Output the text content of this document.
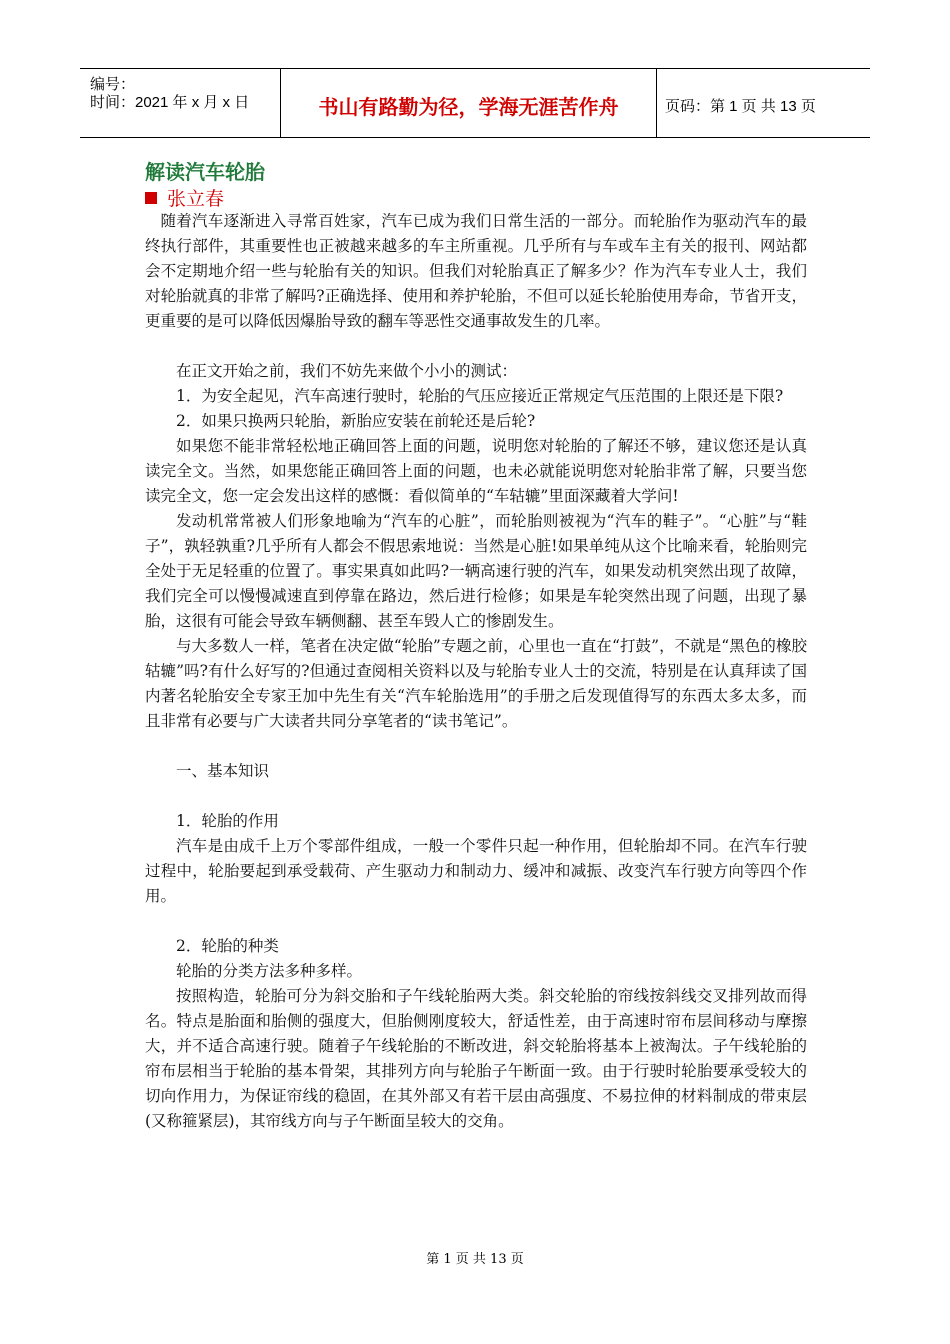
编号：
时间：2021 年 x 月 x 日	书山有路勤为径，学海无涯苦作舟	页码：第 1 页 共 13 页
解读汽车轮胎
张立春

随着汽车逐渐进入寻常百姓家，汽车已成为我们日常生活的一部分。而轮胎作为驱动汽车的最终执行部件，其重要性也正被越来越多的车主所重视。几乎所有与车或车主有关的报刊、网站都会不定期地介绍一些与轮胎有关的知识。但我们对轮胎真正了解多少？作为汽车专业人士，我们对轮胎就真的非常了解吗?正确选择、使用和养护轮胎，不但可以延长轮胎使用寿命，节省开支，更重要的是可以降低因爆胎导致的翻车等恶性交通事故发生的几率。

在正文开始之前，我们不妨先来做个小小的测试：

1．为安全起见，汽车高速行驶时，轮胎的气压应接近正常规定气压范围的上限还是下限?

2．如果只换两只轮胎，新胎应安装在前轮还是后轮?

如果您不能非常轻松地正确回答上面的问题，说明您对轮胎的了解还不够，建议您还是认真读完全文。当然，如果您能正确回答上面的问题，也未必就能说明您对轮胎非常了解，只要当您读完全文，您一定会发出这样的感慨：看似简单的“车轱辘”里面深藏着大学问!

发动机常常被人们形象地喻为“汽车的心脏”，而轮胎则被视为“汽车的鞋子”。“心脏”与“鞋子”，孰轻孰重?几乎所有人都会不假思索地说：当然是心脏!如果单纯从这个比喻来看，轮胎则完全处于无足轻重的位置了。事实果真如此吗?一辆高速行驶的汽车，如果发动机突然出现了故障，我们完全可以慢慢减速直到停靠在路边，然后进行检修；如果是车轮突然出现了问题，出现了暴胎，这很有可能会导致车辆侧翻、甚至车毁人亡的惨剧发生。

与大多数人一样，笔者在决定做“轮胎”专题之前，心里也一直在“打鼓”，不就是“黑色的橡胶轱辘”吗?有什么好写的?但通过查阅相关资料以及与轮胎专业人士的交流，特别是在认真拜读了国内著名轮胎安全专家王加中先生有关“汽车轮胎选用”的手册之后发现值得写的东西太多太多，而且非常有必要与广大读者共同分享笔者的“读书笔记”。

一、基本知识

1．轮胎的作用

汽车是由成千上万个零部件组成，一般一个零件只起一种作用，但轮胎却不同。在汽车行驶过程中，轮胎要起到承受载荷、产生驱动力和制动力、缓冲和减振、改变汽车行驶方向等四个作用。

2．轮胎的种类

轮胎的分类方法多种多样。

按照构造，轮胎可分为斜交胎和子午线轮胎两大类。斜交轮胎的帘线按斜线交叉排列故而得名。特点是胎面和胎侧的强度大，但胎侧刚度较大，舒适性差，由于高速时帘布层间移动与摩擦大，并不适合高速行驶。随着子午线轮胎的不断改进，斜交轮胎将基本上被淘汰。子午线轮胎的帘布层相当于轮胎的基本骨架，其排列方向与轮胎子午断面一致。由于行驶时轮胎要承受较大的切向作用力，为保证帘线的稳固，在其外部又有若干层由高强度、不易拉伸的材料制成的带束层(又称箍紧层)，其帘线方向与子午断面呈较大的交角。

第 1 页 共 13 页
